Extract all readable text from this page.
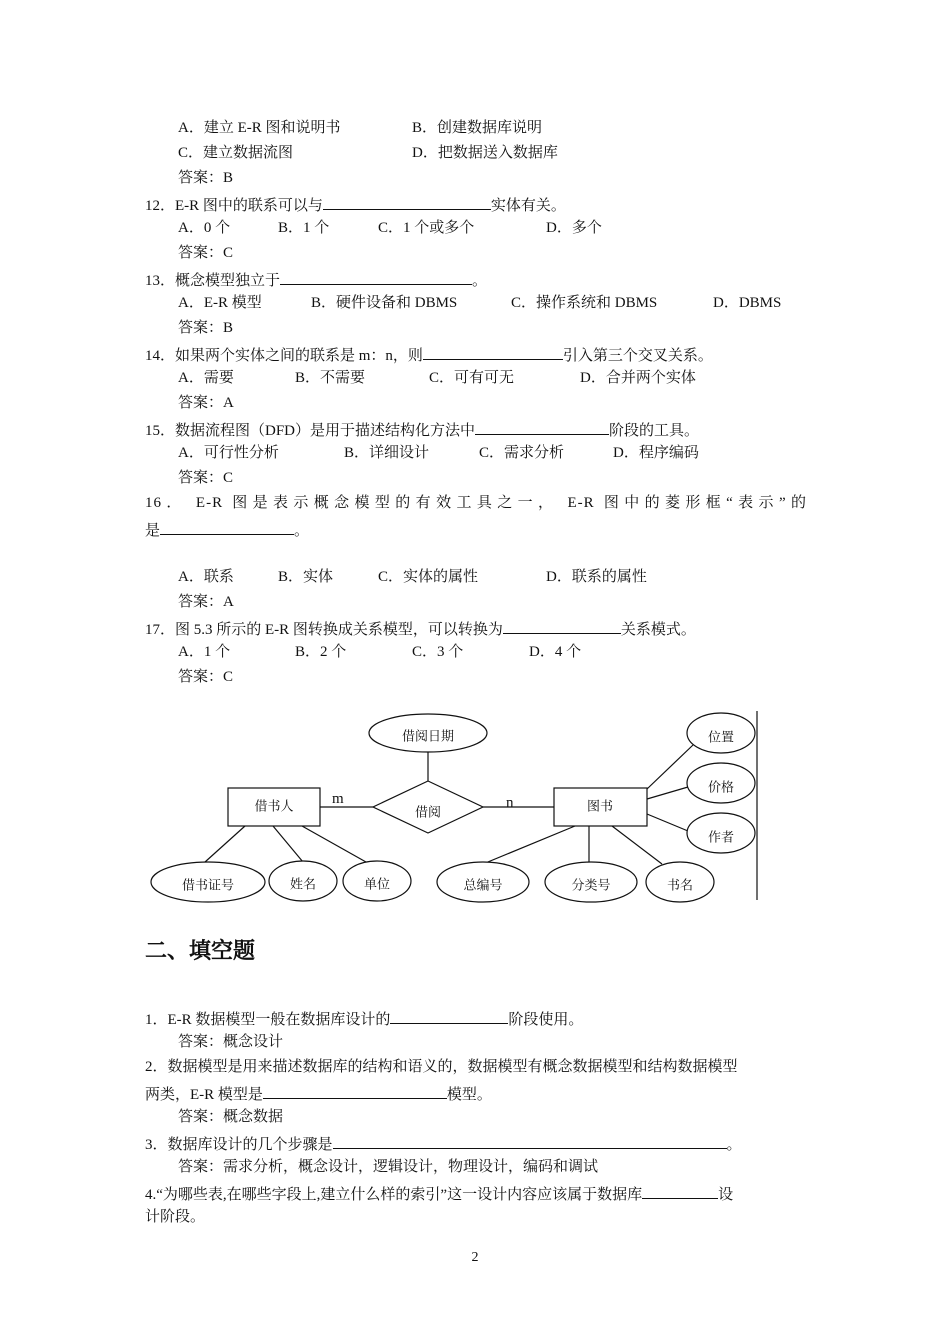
A．建立 E-R 图和说明书	B．创建数据库说明
C．建立数据流图	D．把数据送入数据库
答案：B
12．E-R 图中的联系可以与	实体有关。
A．0 个	B．1 个	C．1 个或多个	D．多个
答案：C
13．概念模型独立于	。
A．E-R 模型	B．硬件设备和 DBMS	C．操作系统和 DBMS	D．DBMS
答案：B
14．如果两个实体之间的联系是 m：n，则	引入第三个交叉关系。
A．需要	B．不需要	C．可有可无	D．合并两个实体
答案：A
15．数据流程图（DFD）是用于描述结构化方法中	阶段的工具。
A．可行性分析	B．详细设计	C．需求分析	D．程序编码
答案：C
16． E-R 图是表示概念模型的有效工具之一， E-R 图中的菱形框“表示”的
是	。
A．联系	B．实体	C．实体的属性	D．联系的属性
答案：A
17．图 5.3 所示的 E-R 图转换成关系模型，可以转换为	关系模式。
A．1 个	B．2 个	C．3 个	D．4 个
答案：C
借书人	图书
借阅
借阅日期
借书证号	姓名	单位	总编号	分类号	书名
位置
价格
作者
m	n
二、填空题
1．E-R 数据模型一般在数据库设计的	阶段使用。
答案：概念设计
2．数据模型是用来描述数据库的结构和语义的，数据模型有概念数据模型和结构数据模型
两类，E-R 模型是	模型。
答案：概念数据
3．数据库设计的几个步骤是	。
答案：需求分析，概念设计，逻辑设计，物理设计，编码和调试
4.“为哪些表,在哪些字段上,建立什么样的索引”这一设计内容应该属于数据库	设
计阶段。
2
